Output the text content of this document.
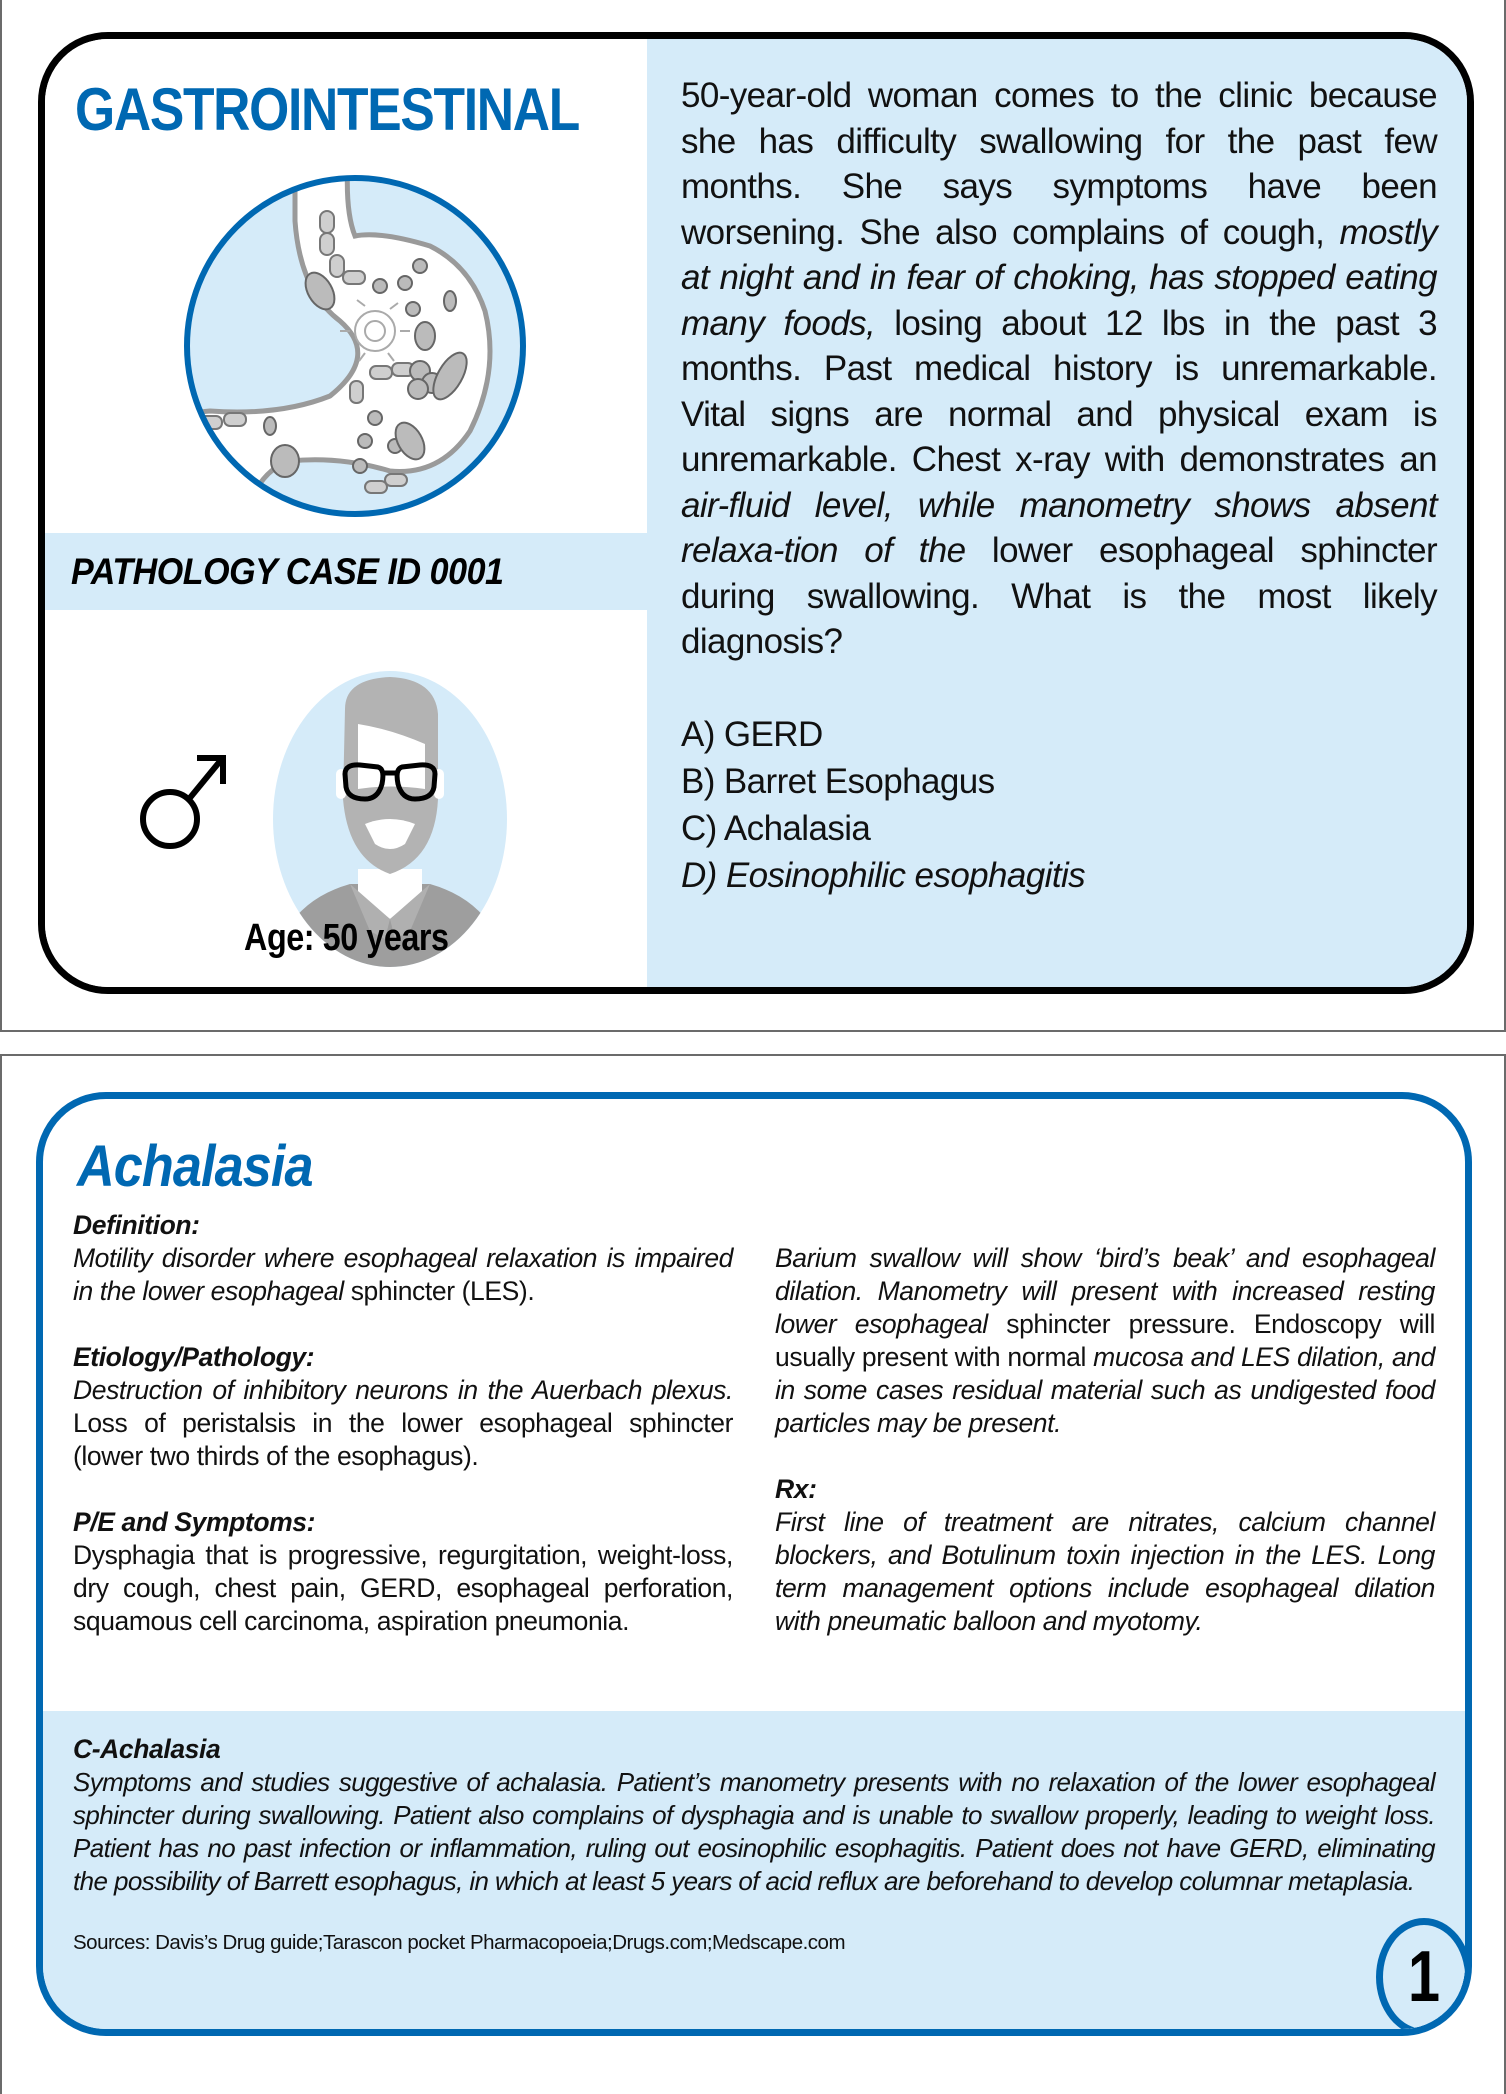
GASTROINTESTINAL
PATHOLOGY CASE ID 0001
Age: 50 years

50-year-old woman comes to the clinic because she has difficulty swallowing for the past few months. She says symptoms have been worsening. She also complains of cough, mostly at night and in fear of choking, has stopped eating many foods, losing about 12 lbs in the past 3 months. Past medical history is unremarkable. Vital signs are normal and physical exam is unremarkable. Chest x-ray with demonstrates an air-fluid level, while manometry shows absent relaxa-tion of the lower esophageal sphincter during swallowing. What is the most likely diagnosis?

A) GERD
B) Barret Esophagus
C) Achalasia
D) Eosinophilic esophagitis
Achalasia
Definition:
Motility disorder where esophageal relaxation is impaired in the lower esophageal sphincter (LES).
Etiology/Pathology:
Destruction of inhibitory neurons in the Auerbach plexus. Loss of peristalsis in the lower esophageal sphincter (lower two thirds of the esophagus).
P/E and Symptoms:
Dysphagia that is progressive, regurgitation, weight-loss, dry cough, chest pain, GERD, esophageal perforation, squamous cell carcinoma, aspiration pneumonia.

Barium swallow will show ‘bird’s beak’ and esophageal dilation. Manometry will present with increased resting lower esophageal sphincter pressure. Endoscopy will usually present with normal mucosa and LES dilation, and in some cases residual material such as undigested food particles may be present.
Rx:
First line of treatment are nitrates, calcium channel blockers, and Botulinum toxin injection in the LES. Long term management options include esophageal dilation with pneumatic balloon and myotomy.
C-Achalasia
Symptoms and studies suggestive of achalasia. Patient’s manometry presents with no relaxation of the lower esophageal sphincter during swallowing. Patient also complains of dysphagia and is unable to swallow properly, leading to weight loss. Patient has no past infection or inflammation, ruling out eosinophilic esophagitis. Patient does not have GERD, eliminating the possibility of Barrett esophagus, in which at least 5 years of acid reflux are beforehand to develop columnar metaplasia.
Sources: Davis’s Drug guide;Tarascon pocket Pharmacopoeia;Drugs.com;Medscape.com	1
